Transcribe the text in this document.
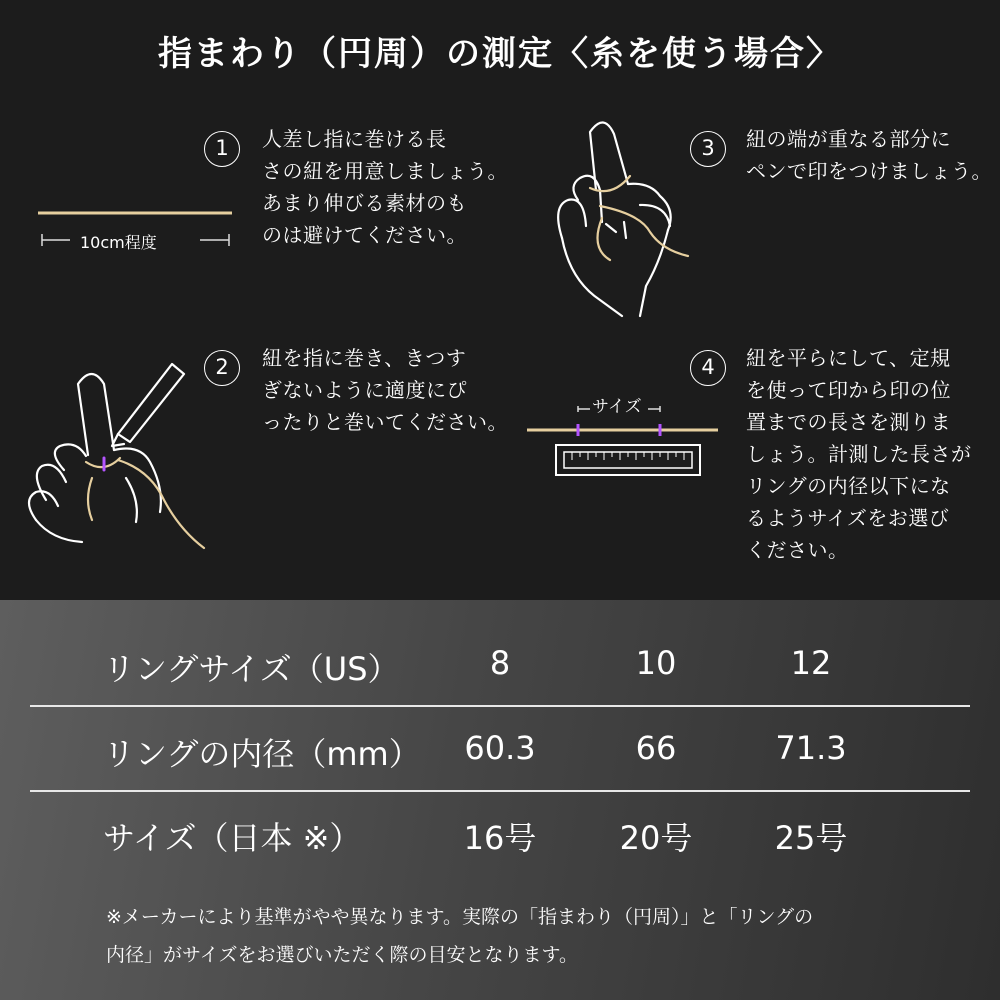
指まわり（円周）の測定〈糸を使う場合〉
10cm程度
サイズ
1
2
3
4
人差し指に巻ける長
さの紐を用意しましょう。
あまり伸びる素材のも
のは避けてください。
紐を指に巻き、きつす
ぎないように適度にぴ
ったりと巻いてください。
紐の端が重なる部分に
ペンで印をつけましょう。
紐を平らにして、定規
を使って印から印の位
置までの長さを測りま
しょう。計測した長さが
リングの内径以下にな
るようサイズをお選び
ください。
リングサイズ（US）	8	10	12
リングの内径（mm）	60.3	66	71.3
サイズ（日本 ※）	16号	20号	25号
※メーカーにより基準がやや異なります。実際の「指まわり（円周）」と「リングの
内径」がサイズをお選びいただく際の目安となります。
